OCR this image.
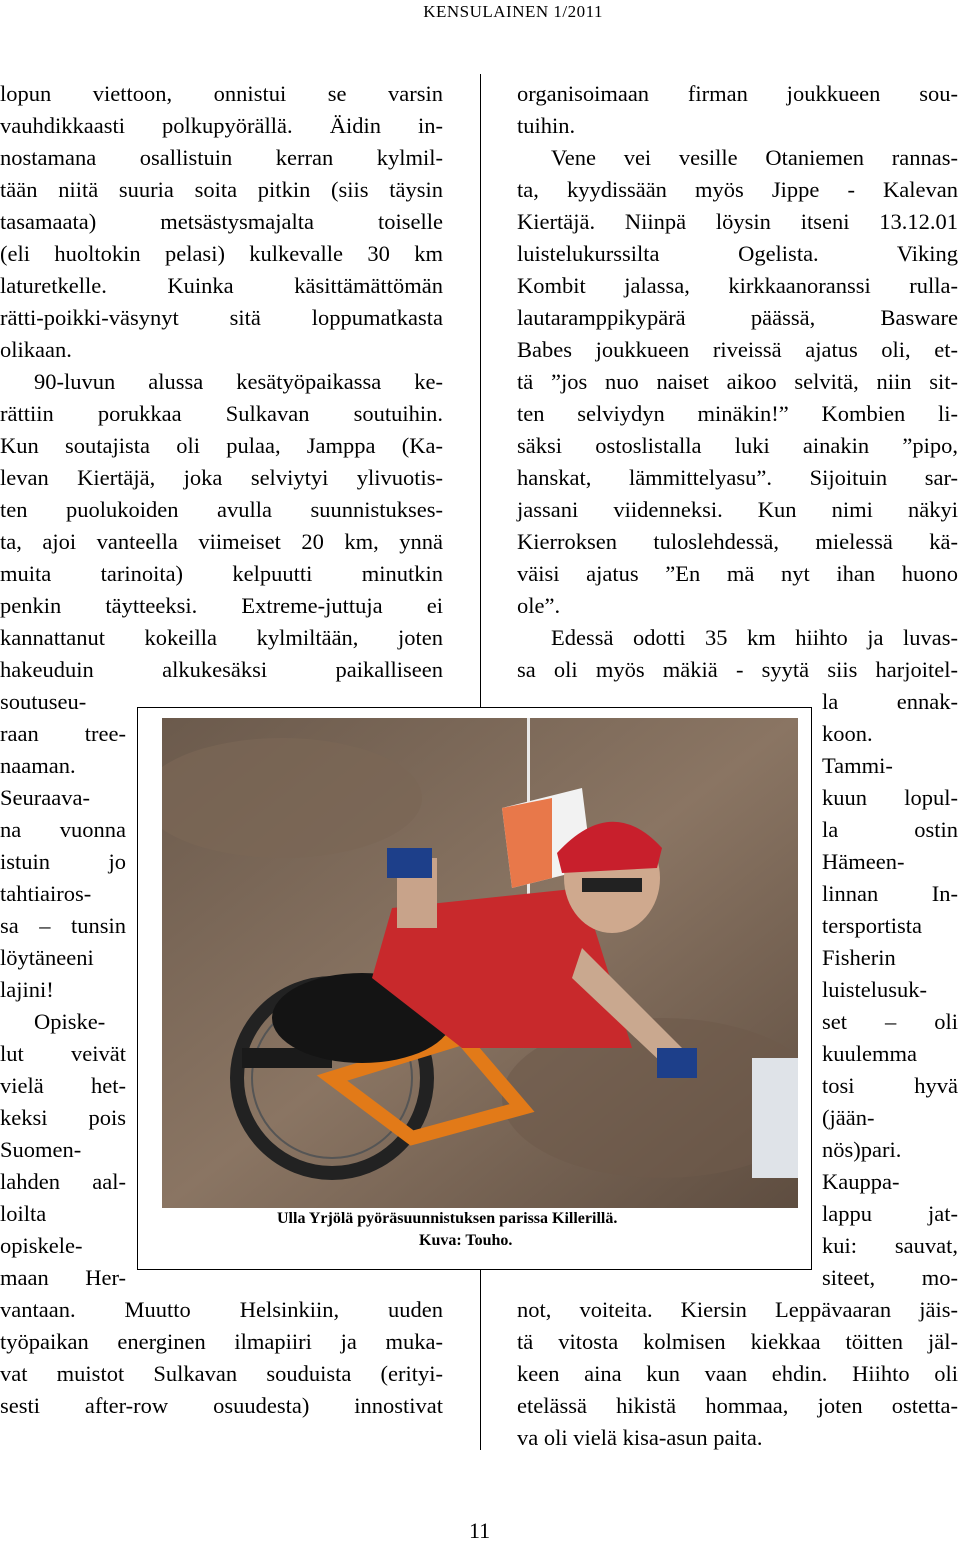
KENSULAINEN 1/2011
lopun viettoon, onnistui se varsin
vauhdikkaasti polkupyörällä. Äidin in-
nostamana osallistuin kerran kylmil-
tään niitä suuria soita pitkin (siis täysin
tasamaata) metsästysmajalta toiselle
(eli huoltokin pelasi) kulkevalle 30 km
laturetkelle. Kuinka käsittämättömän
rätti-poikki-väsynyt sitä loppumatkasta
olikaan.
90-luvun alussa kesätyöpaikassa ke-
rättiin porukkaa Sulkavan soutuihin.
Kun soutajista oli pulaa, Jamppa (Ka-
levan Kiertäjä, joka selviytyi ylivuotis-
ten puolukoiden avulla suunnistukses-
ta, ajoi vanteella viimeiset 20 km, ynnä
muita tarinoita) kelpuutti minutkin
penkin täytteeksi. Extreme-juttuja ei
kannattanut kokeilla kylmiltään, joten
hakeuduin alkukesäksi paikalliseen
soutuseu-
raan tree-
naaman.
Seuraava-
na vuonna
istuin jo
tahtiairos-
sa – tunsin
löytäneeni
lajini!
Opiske-
lut veivät
vielä het-
keksi pois
Suomen-
lahden aal-
loilta
opiskele-
maan Her-
vantaan. Muutto Helsinkiin, uuden
työpaikan energinen ilmapiiri ja muka-
vat muistot Sulkavan souduista (erityi-
sesti after-row osuudesta) innostivat
organisoimaan firman joukkueen sou-
tuihin.
Vene vei vesille Otaniemen rannas-
ta, kyydissään myös Jippe - Kalevan
Kiertäjä. Niinpä löysin itseni 13.12.01
luistelukurssilta Ogelista. Viking
Kombit jalassa, kirkkaanoranssi rulla-
lautaramppikypärä päässä, Basware
Babes joukkueen riveissä ajatus oli, et-
tä ”jos nuo naiset aikoo selvitä, niin sit-
ten selviydyn minäkin!” Kombien li-
säksi ostoslistalla luki ainakin ”pipo,
hanskat, lämmittelyasu”. Sijoituin sar-
jassani viidenneksi. Kun nimi näkyi
Kierroksen tuloslehdessä, mielessä kä-
väisi ajatus ”En mä nyt ihan huono
ole”.
Edessä odotti 35 km hiihto ja luvas-
sa oli myös mäkiä - syytä siis harjoitel-
la ennak-
koon.
Tammi-
kuun lopul-
la ostin
Hämeen-
linnan In-
tersportista
Fisherin
luistelusuk-
set – oli
kuulemma
tosi hyvä
(jään-
nös)pari.
Kauppa-
lappu jat-
kui: sauvat,
siteet, mo-
not, voiteita. Kiersin Leppävaaran jäis-
tä vitosta kolmisen kiekkaa töitten jäl-
keen aina kun vaan ehdin. Hiihto oli
etelässä hikistä hommaa, joten ostetta-
va oli vielä kisa-asun paita.
Ulla Yrjölä pyöräsuunnistuksen parissa Killerillä.
Kuva: Touho.
11
